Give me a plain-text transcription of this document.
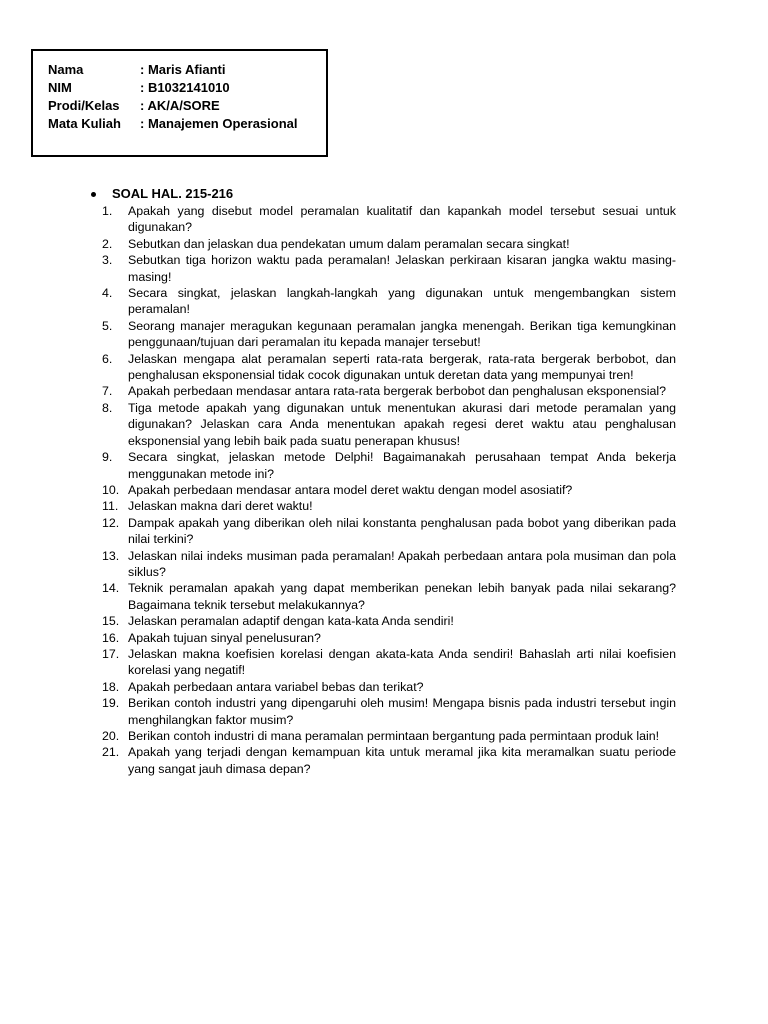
Nama	: Maris Afianti
NIM	: B1032141010
Prodi/Kelas	: AK/A/SORE
Mata Kuliah	: Manajemen Operasional
SOAL HAL. 215-216
1.	Apakah yang disebut model peramalan kualitatif dan kapankah model tersebut sesuai untuk digunakan?
2.	Sebutkan dan jelaskan dua pendekatan umum dalam peramalan secara singkat!
3.	Sebutkan tiga horizon waktu pada peramalan! Jelaskan perkiraan kisaran jangka waktu masing-masing!
4.	Secara singkat, jelaskan langkah-langkah yang digunakan untuk mengembangkan sistem peramalan!
5.	Seorang manajer meragukan kegunaan peramalan jangka menengah. Berikan tiga kemungkinan penggunaan/tujuan dari peramalan itu kepada manajer tersebut!
6.	Jelaskan mengapa alat peramalan seperti rata-rata bergerak, rata-rata bergerak berbobot, dan penghalusan eksponensial tidak cocok digunakan untuk deretan data yang mempunyai tren!
7.	Apakah perbedaan mendasar antara rata-rata bergerak berbobot dan penghalusan eksponensial?
8.	Tiga metode apakah yang digunakan untuk menentukan akurasi dari metode peramalan yang digunakan? Jelaskan cara Anda menentukan apakah regesi deret waktu atau penghalusan eksponensial yang lebih baik pada suatu penerapan khusus!
9.	Secara singkat, jelaskan metode Delphi! Bagaimanakah perusahaan tempat Anda bekerja menggunakan metode ini?
10. Apakah perbedaan mendasar antara model deret waktu dengan model asosiatif?
11. Jelaskan makna dari deret waktu!
12. Dampak apakah yang diberikan oleh nilai konstanta penghalusan pada bobot yang diberikan pada nilai terkini?
13. Jelaskan nilai indeks musiman pada peramalan! Apakah perbedaan antara pola musiman dan pola siklus?
14. Teknik peramalan apakah yang dapat memberikan penekan lebih banyak pada nilai sekarang? Bagaimana teknik tersebut melakukannya?
15. Jelaskan peramalan adaptif dengan kata-kata Anda sendiri!
16. Apakah tujuan sinyal penelusuran?
17. Jelaskan makna koefisien korelasi dengan akata-kata Anda sendiri! Bahaslah arti nilai koefisien korelasi yang negatif!
18. Apakah perbedaan antara variabel bebas dan terikat?
19. Berikan contoh industri yang dipengaruhi oleh musim! Mengapa bisnis pada industri tersebut ingin menghilangkan faktor musim?
20. Berikan contoh industri di mana peramalan permintaan bergantung pada permintaan produk lain!
21. Apakah yang terjadi dengan kemampuan kita untuk meramal jika kita meramalkan suatu periode yang sangat jauh dimasa depan?
